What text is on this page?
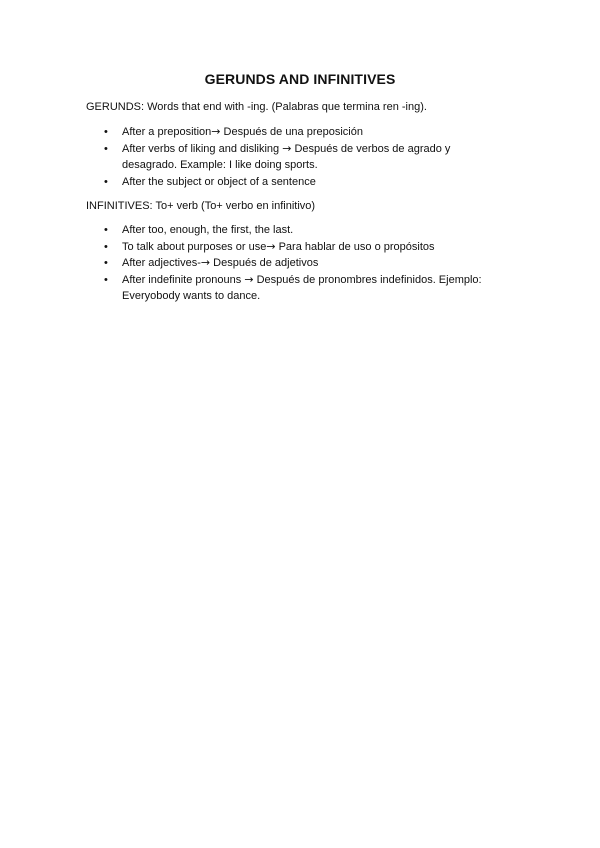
GERUNDS AND INFINITIVES
GERUNDS: Words that end with -ing. (Palabras que termina ren -ing).
• After a preposition→ Después de una preposición
• After verbs of liking and disliking → Después de verbos de agrado y desagrado. Example: I like doing sports.
• After the subject or object of a sentence
INFINITIVES: To+ verb (To+ verbo en infinitivo)
• After too, enough, the first, the last.
• To talk about purposes or use→ Para hablar de uso o propósitos
• After adjectives-→ Después de adjetivos
• After indefinite pronouns → Después de pronombres indefinidos. Ejemplo: Everyobody wants to dance.
